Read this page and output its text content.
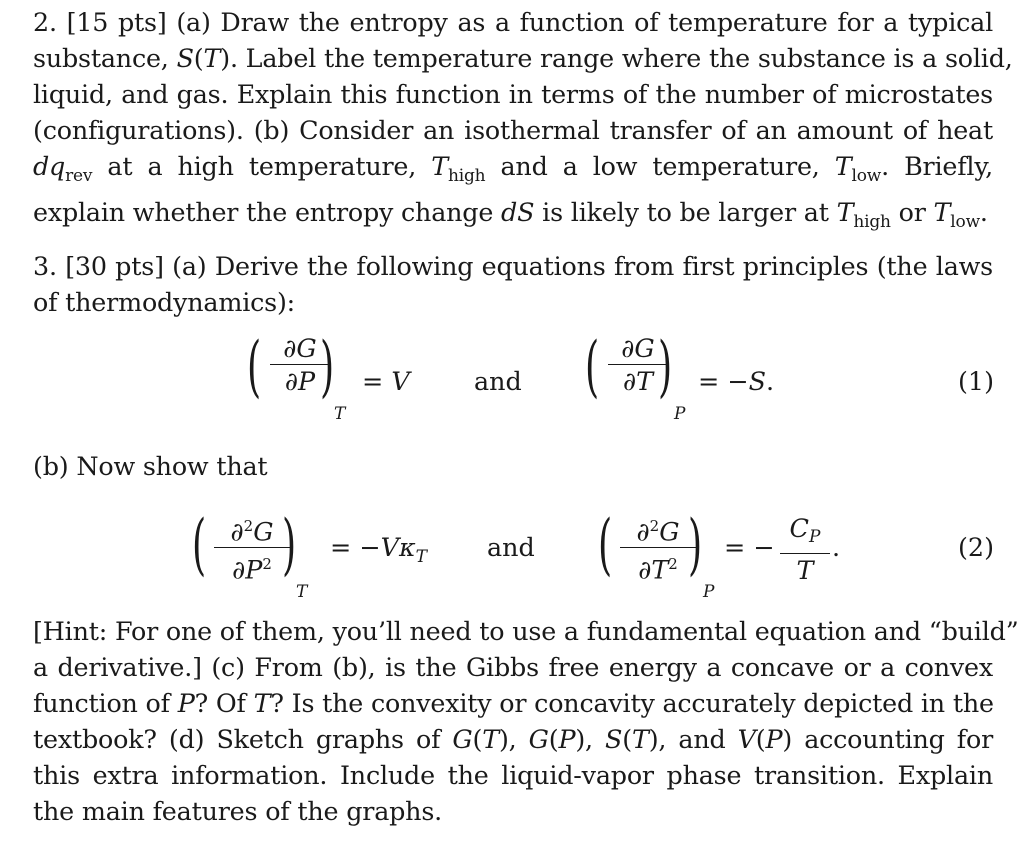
2. [15 pts] (a) Draw the entropy as a function of temperature for a typical
substance, S(T). Label the temperature range where the substance is a solid,
liquid, and gas. Explain this function in terms of the number of microstates
(configurations). (b) Consider an isothermal transfer of an amount of heat
$dq_{rev}$ at a high temperature, $T_{high}$ and a low temperature, $T_{low}$. Briefly,
explain whether the entropy change dS is likely to be larger at $T_{high}$ or $T_{low}$.
3. [30 pts] (a) Derive the following equations from first principles (the laws
of thermodynamics):
( ∂G
∂P )
T
= V	and ( ∂G
∂T )
P
= −S.	(1)
(b) Now show that
( ∂$^2$G
$\partial P^2$ )
T
= $-V\kappa_T$ and ( ∂$^2$G
$\partial T^2$ )
P
= −
CP
T
.	(2)
[Hint: For one of them, you’ll need to use a fundamental equation and “build”
a derivative.] (c) From (b), is the Gibbs free energy a concave or a convex
function of P? Of T? Is the convexity or concavity accurately depicted in the
textbook? (d) Sketch graphs of G(T), G(P), S(T), and V(P) accounting for
this extra information. Include the liquid-vapor phase transition. Explain
the main features of the graphs.
